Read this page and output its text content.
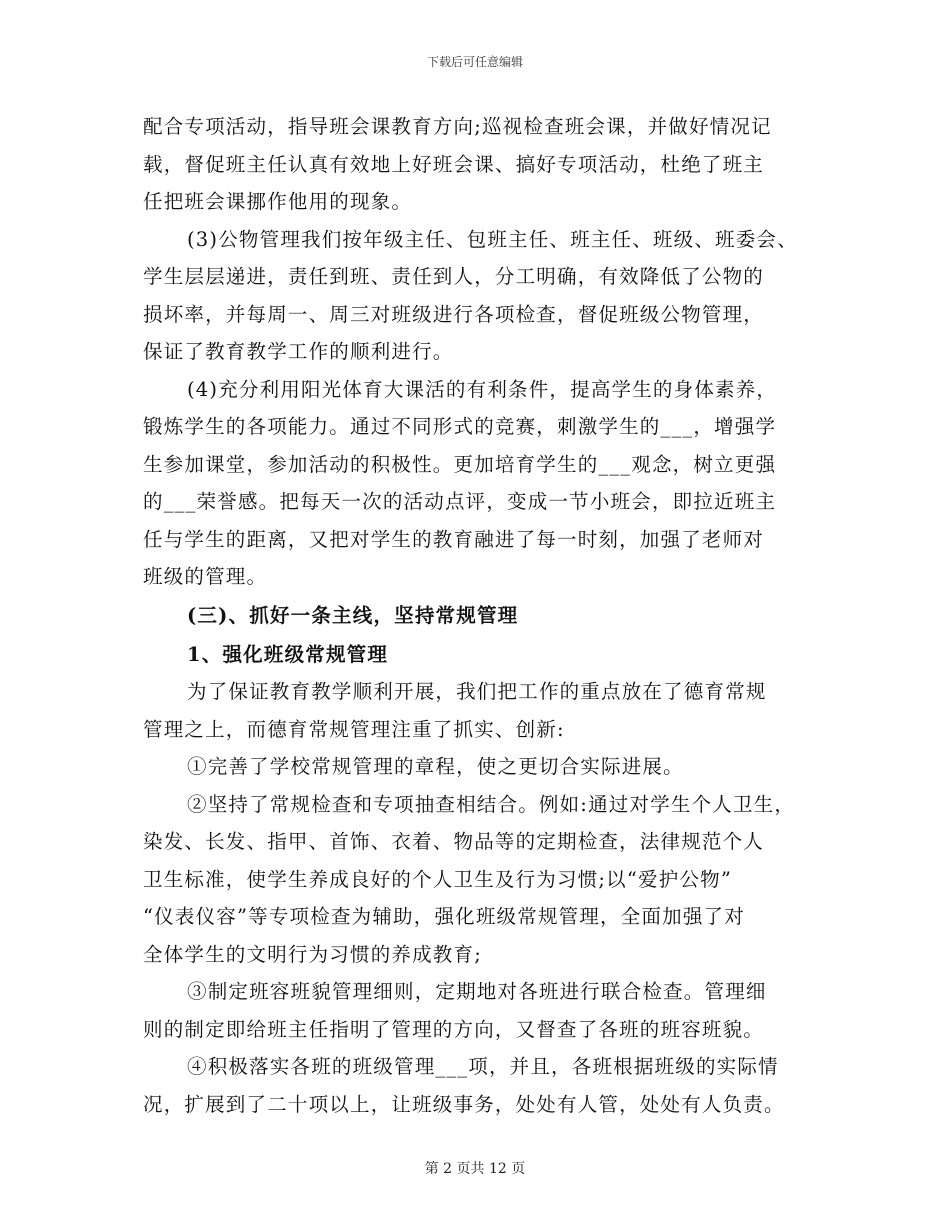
下载后可任意编辑
配合专项活动，指导班会课教育方向;巡视检查班会课，并做好情况记
载，督促班主任认真有效地上好班会课、搞好专项活动，杜绝了班主
任把班会课挪作他用的现象。
(3)公物管理我们按年级主任、包班主任、班主任、班级、班委会、
学生层层递进，责任到班、责任到人，分工明确，有效降低了公物的
损坏率，并每周一、周三对班级进行各项检查，督促班级公物管理，
保证了教育教学工作的顺利进行。
(4)充分利用阳光体育大课活的有利条件，提高学生的身体素养，
锻炼学生的各项能力。通过不同形式的竞赛，刺激学生的___，增强学
生参加课堂，参加活动的积极性。更加培育学生的___观念，树立更强
的___荣誉感。把每天一次的活动点评，变成一节小班会，即拉近班主
任与学生的距离，又把对学生的教育融进了每一时刻，加强了老师对
班级的管理。
(三)、抓好一条主线，坚持常规管理
1、强化班级常规管理
为了保证教育教学顺利开展，我们把工作的重点放在了德育常规
管理之上，而德育常规管理注重了抓实、创新:
①完善了学校常规管理的章程，使之更切合实际进展。
②坚持了常规检查和专项抽查相结合。例如:通过对学生个人卫生，
染发、长发、指甲、首饰、衣着、物品等的定期检查，法律规范个人
卫生标准，使学生养成良好的个人卫生及行为习惯;以“爱护公物”
“仪表仪容”等专项检查为辅助，强化班级常规管理，全面加强了对
全体学生的文明行为习惯的养成教育;
③制定班容班貌管理细则，定期地对各班进行联合检查。管理细
则的制定即给班主任指明了管理的方向，又督查了各班的班容班貌。
④积极落实各班的班级管理___项，并且，各班根据班级的实际情
况，扩展到了二十项以上，让班级事务，处处有人管，处处有人负责。
第 2 页共 12 页
